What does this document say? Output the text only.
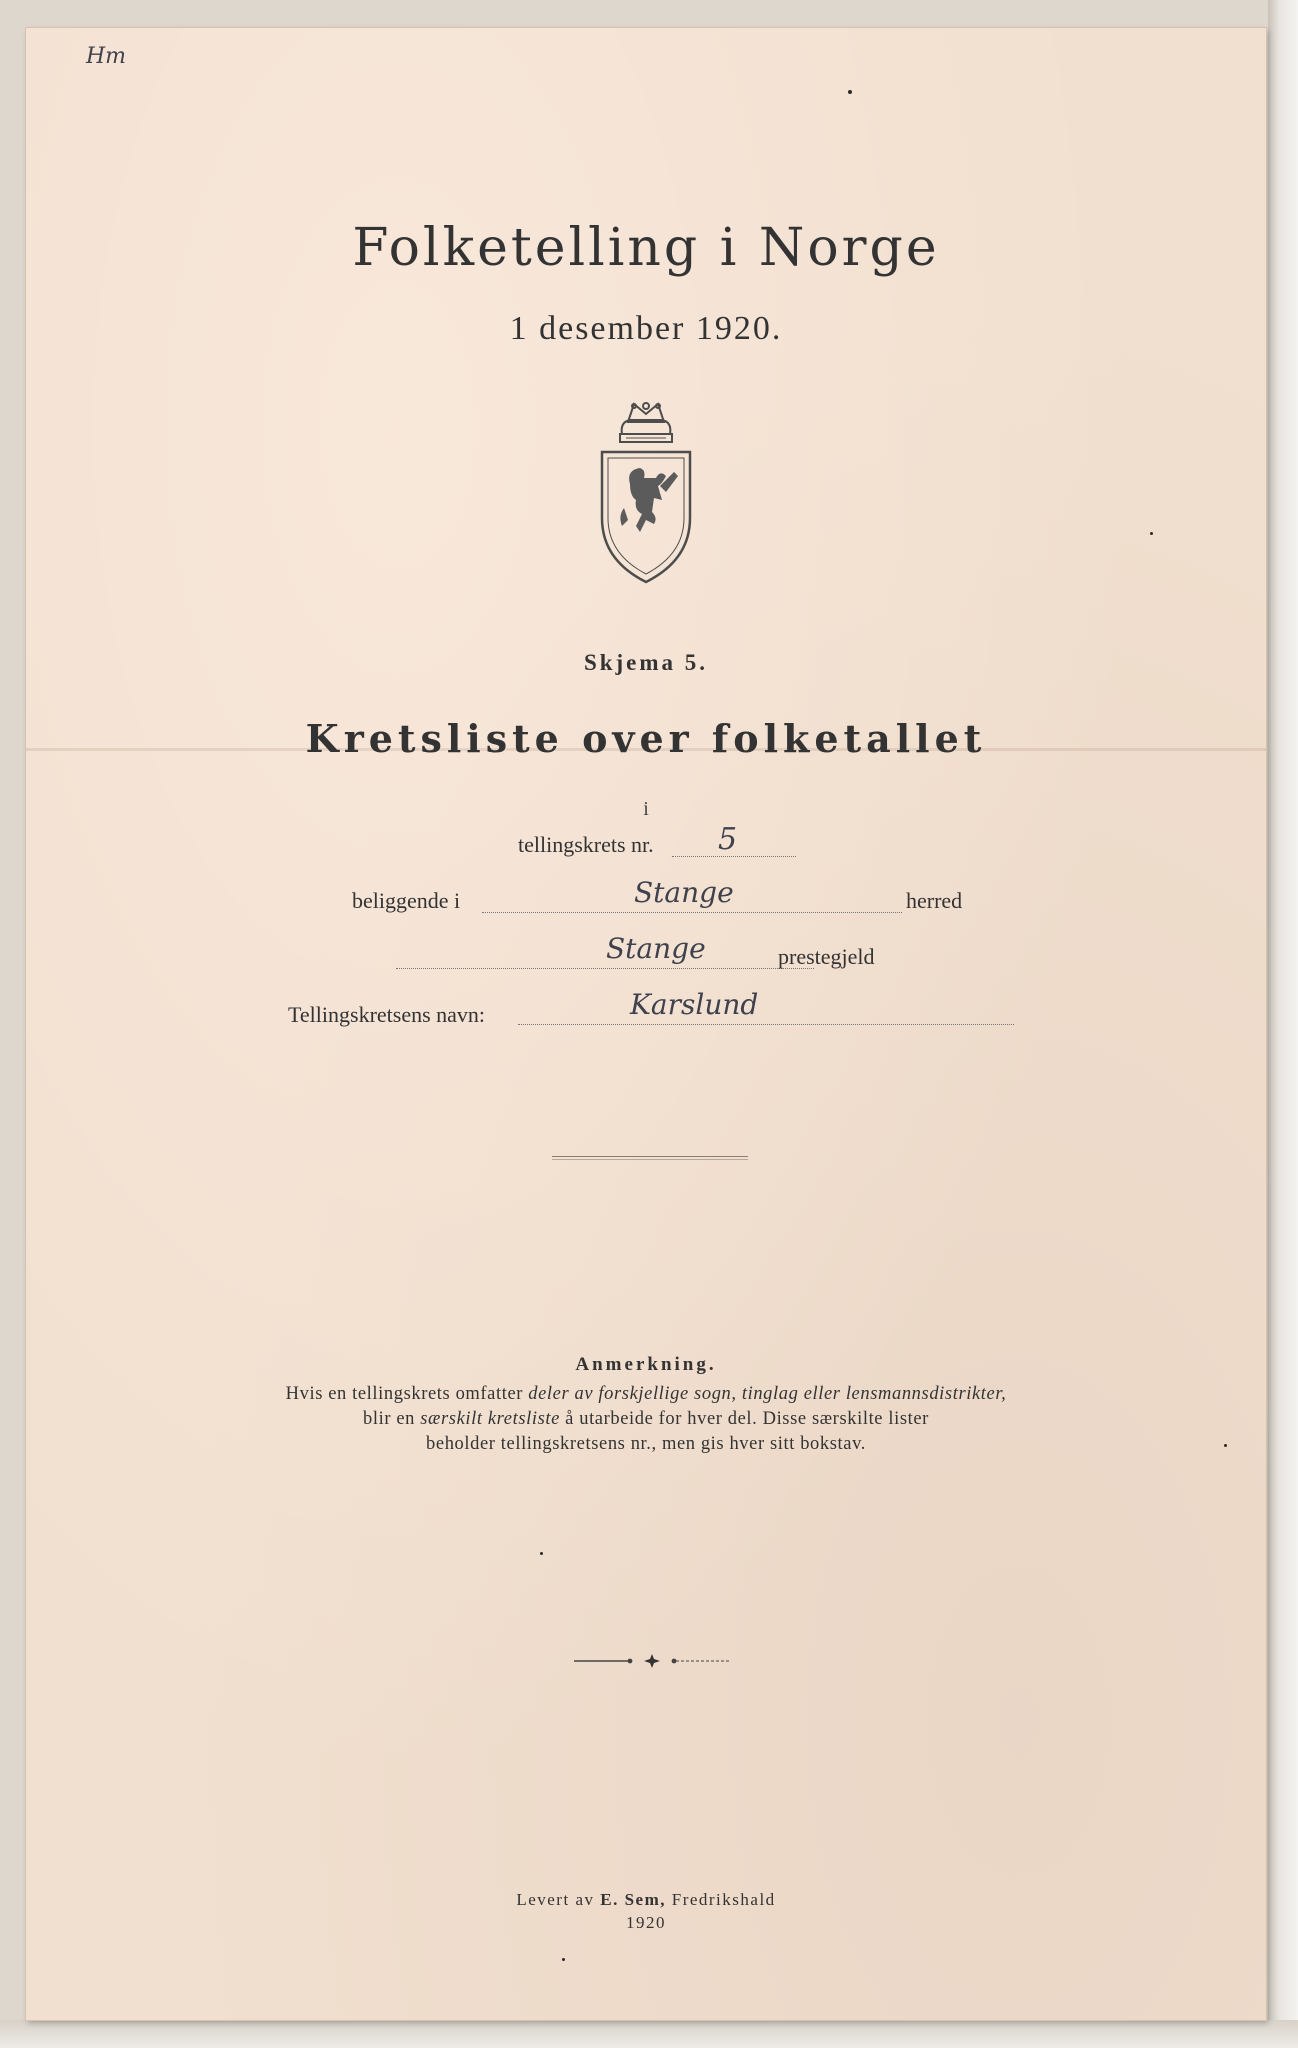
Hm

Folketelling i Norge

1 desember 1920.

Skjema 5.

Kretsliste over folketallet

i

tellingskrets nr. 5
beliggende i	Stange	herred
Stange	prestegjeld
Tellingskretsens navn:	Karslund

Anmerkning.

Hvis en tellingskrets omfatter deler av forskjellige sogn, tinglag eller lensmannsdistrikter,

blir en særskilt kretsliste å utarbeide for hver del. Disse særskilte lister

beholder tellingskretsens nr., men gis hver sitt bokstav.

Levert av E. Sem, Fredrikshald

1920
